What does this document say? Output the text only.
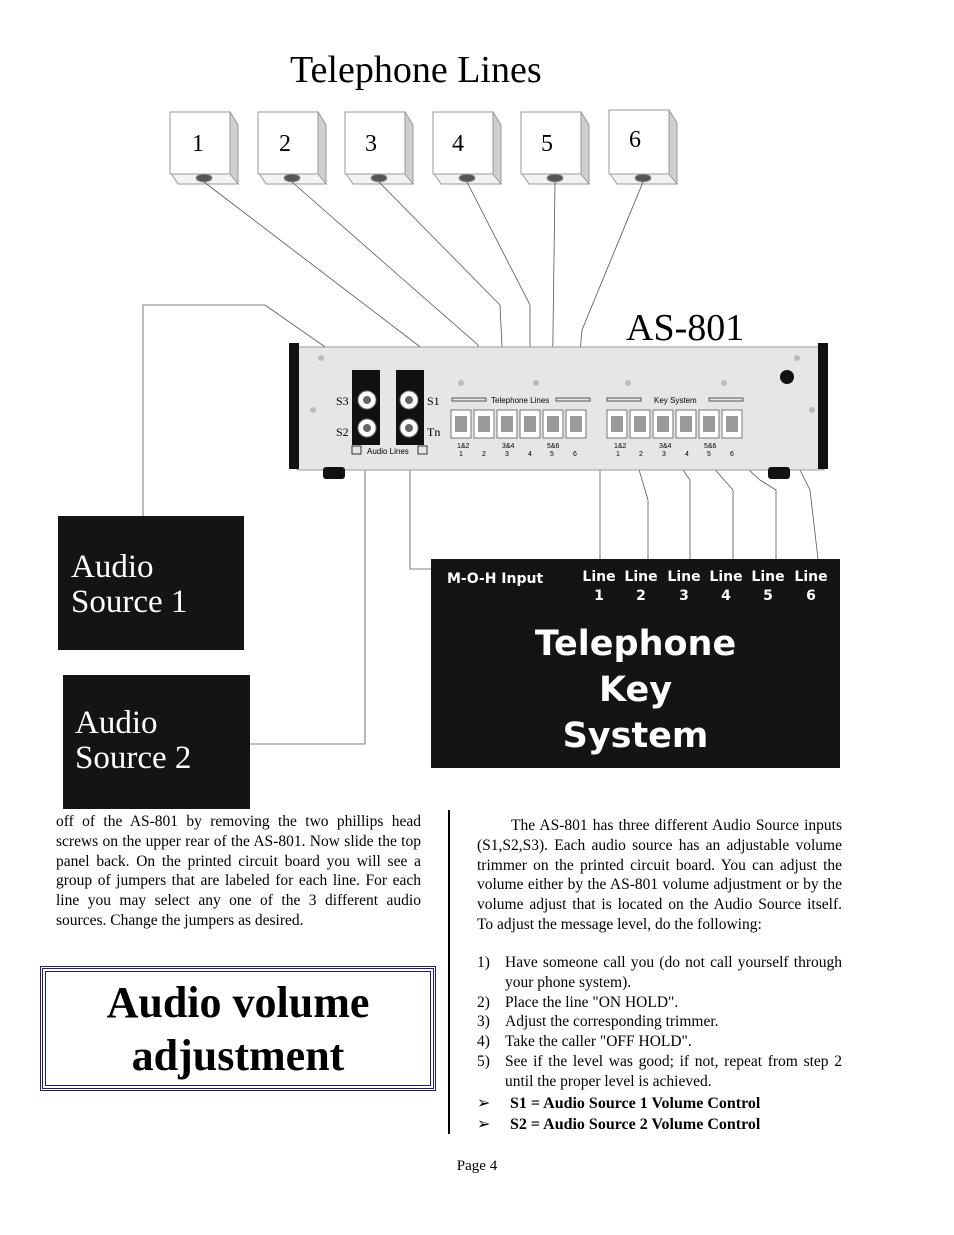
Telephone Lines
AS-801
1	2	3	4	5	6
S3	S1
S2	Tn
Audio Lines
Telephone Lines	Key System
1&2	3&4	5&6	1&2	3&4	5&6
1	2	3	4	5	6	1	2	3	4	5	6
Audio
Source 1
Audio
Source 2
M-O-H Input	Line
1
Line
2
Line
3
Line
4
Line
5
Line
6
Telephone
Key
System

off of the AS-801 by removing the two phillips head screws on the upper rear of the AS-801. Now slide the top panel back. On the printed circuit board you will see a group of jumpers that are labeled for each line. For each line you may select any one of the 3 different audio sources. Change the jumpers as desired.

Audio volume
adjustment

The AS-801 has three different Audio Source inputs (S1,S2,S3). Each audio source has an adjustable volume trimmer on the printed circuit board. You can adjust the volume either by the AS-801 volume adjustment or by the volume adjust that is located on the Audio Source itself. To adjust the message level, do the following:

1) Have someone call you (do not call yourself through your phone system).
2) Place the line "ON HOLD".
3) Adjust the corresponding trimmer.
4) Take the caller "OFF HOLD".
5) See if the level was good; if not, repeat from step 2 until the proper level is achieved.
➢ S1 = Audio Source 1 Volume Control
➢ S2 = Audio Source 2 Volume Control
Page 4
